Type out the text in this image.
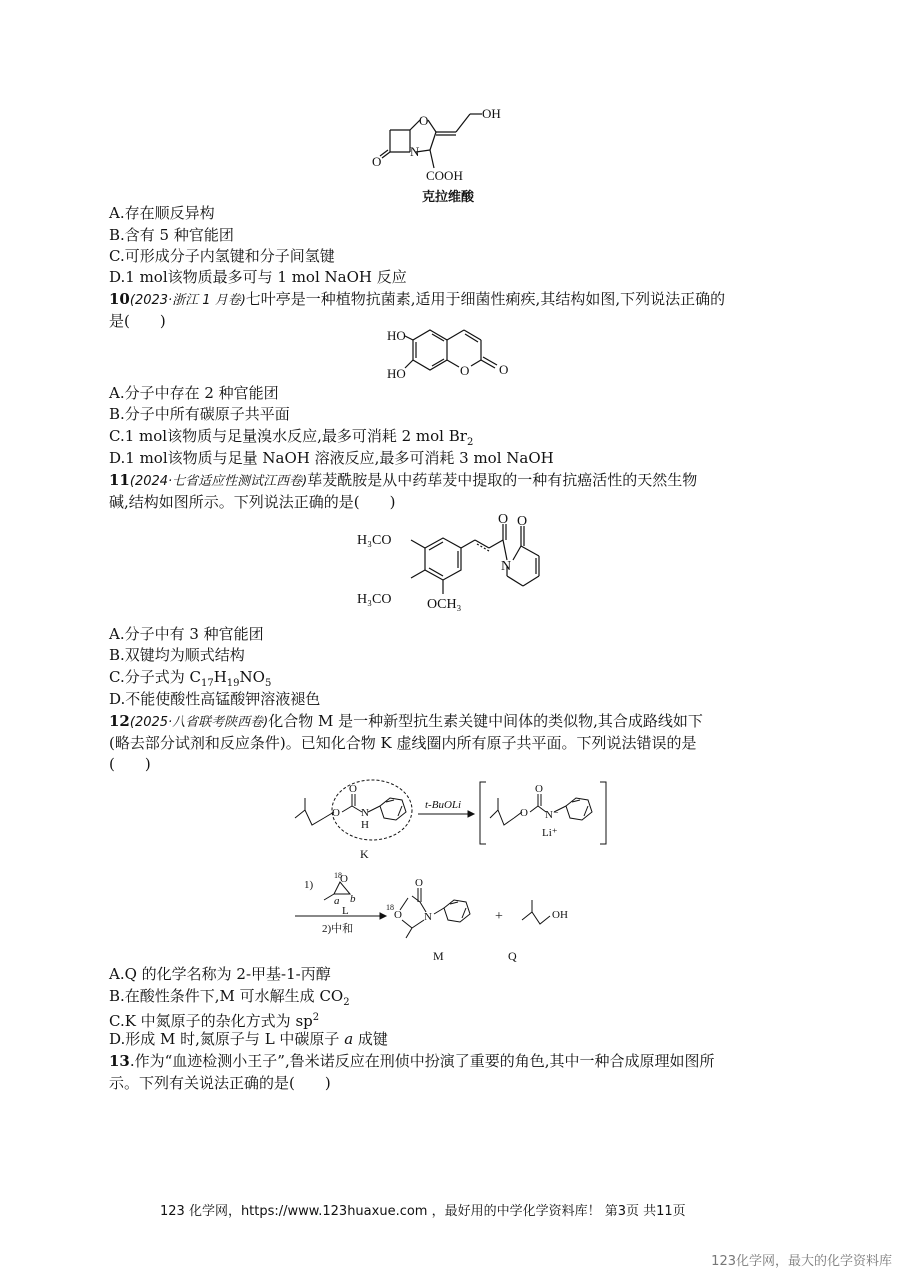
OH
O
N
O
COOH
克拉维酸
A.存在顺反异构
B.含有 5 种官能团
C.可形成分子内氢键和分子间氢键
D.1 mol该物质最多可与 1 mol NaOH 反应
10(2023·浙江 1 月卷)七叶亭是一种植物抗菌素,适用于细菌性痢疾,其结构如图,下列说法正确的
是(　　)
HO
HO	O O
A.分子中存在 2 种官能团
B.分子中所有碳原子共平面
C.1 mol该物质与足量溴水反应,最多可消耗 2 mol $Br_2$
D.1 mol该物质与足量 NaOH 溶液反应,最多可消耗 3 mol NaOH
11(2024·七省适应性测试江西卷)荜茇酰胺是从中药荜茇中提取的一种有抗癌活性的天然生物
碱,结构如图所示。下列说法正确的是(　　)
H₃CO
H₃CO	OCH₃
O O
N
A.分子中有 3 种官能团
B.双键均为顺式结构
C.分子式为 $C_{17}H_{19}NO_5$
D.不能使酸性高锰酸钾溶液褪色
12(2025·八省联考陕西卷)化合物 M 是一种新型抗生素关键中间体的类似物,其合成路线如下
(略去部分试剂和反应条件)。已知化合物 K 虚线圈内所有原子共平面。下列说法错误的是
(　　)
O
O
N
H
K
t-BuOLi
O
O
N⁻
Li⁺
1)
18
O
a b
L
2)中和
18
O
O
N
M
+	OH
Q
A.Q 的化学名称为 2-甲基-1-丙醇
B.在酸性条件下,M 可水解生成 $CO_2$
C.K 中氮原子的杂化方式为 $sp^2$
D.形成 M 时,氮原子与 L 中碳原子 a 成键
13.作为“血迹检测小王子”,鲁米诺反应在刑侦中扮演了重要的角色,其中一种合成原理如图所
示。下列有关说法正确的是(　　)
123 化学网，https://www.123huaxue.com ，最好用的中学化学资料库！ 第3页 共11页
123化学网，最大的化学资料库
